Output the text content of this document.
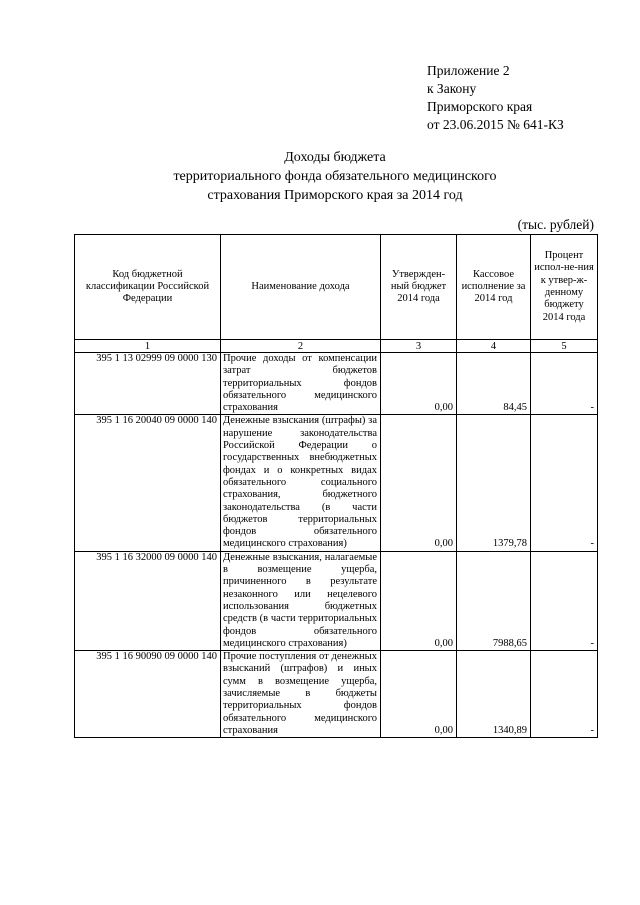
Приложение 2
к Закону
Приморского края
от 23.06.2015 № 641-КЗ
Доходы бюджета
территориального фонда обязательного медицинского
страхования Приморского края за 2014 год
(тыс. рублей)
Код бюджетной классификации Российской Федерации	Наименование дохода	Утвержден-ный бюджет 2014 года	Кассовое исполнение за 2014 год	Процент испол-не-ния к утвер-ж-денному бюджету 2014 года
1	2	3	4	5
395 1 13 02999 09 0000 130	Прочие доходы от компенсации затрат бюджетов территориальных фондов обязательного медицинского страхования	0,00	84,45	-
395 1 16 20040 09 0000 140	Денежные взыскания (штрафы) за нарушение законодательства Российской Федерации о государственных внебюджетных фондах и о конкретных видах обязательного социального страхования, бюджетного законодательства (в части бюджетов территориальных фондов обязательного медицинского страхования)	0,00	1379,78	-
395 1 16 32000 09 0000 140	Денежные взыскания, налагаемые в возмещение ущерба, причиненного в результате незаконного или нецелевого использования бюджетных средств (в части территориальных фондов обязательного медицинского страхования)	0,00	7988,65	-
395 1 16 90090 09 0000 140	Прочие поступления от денежных взысканий (штрафов) и иных сумм в возмещение ущерба, зачисляемые в бюджеты территориальных фондов обязательного медицинского страхования	0,00	1340,89	-
